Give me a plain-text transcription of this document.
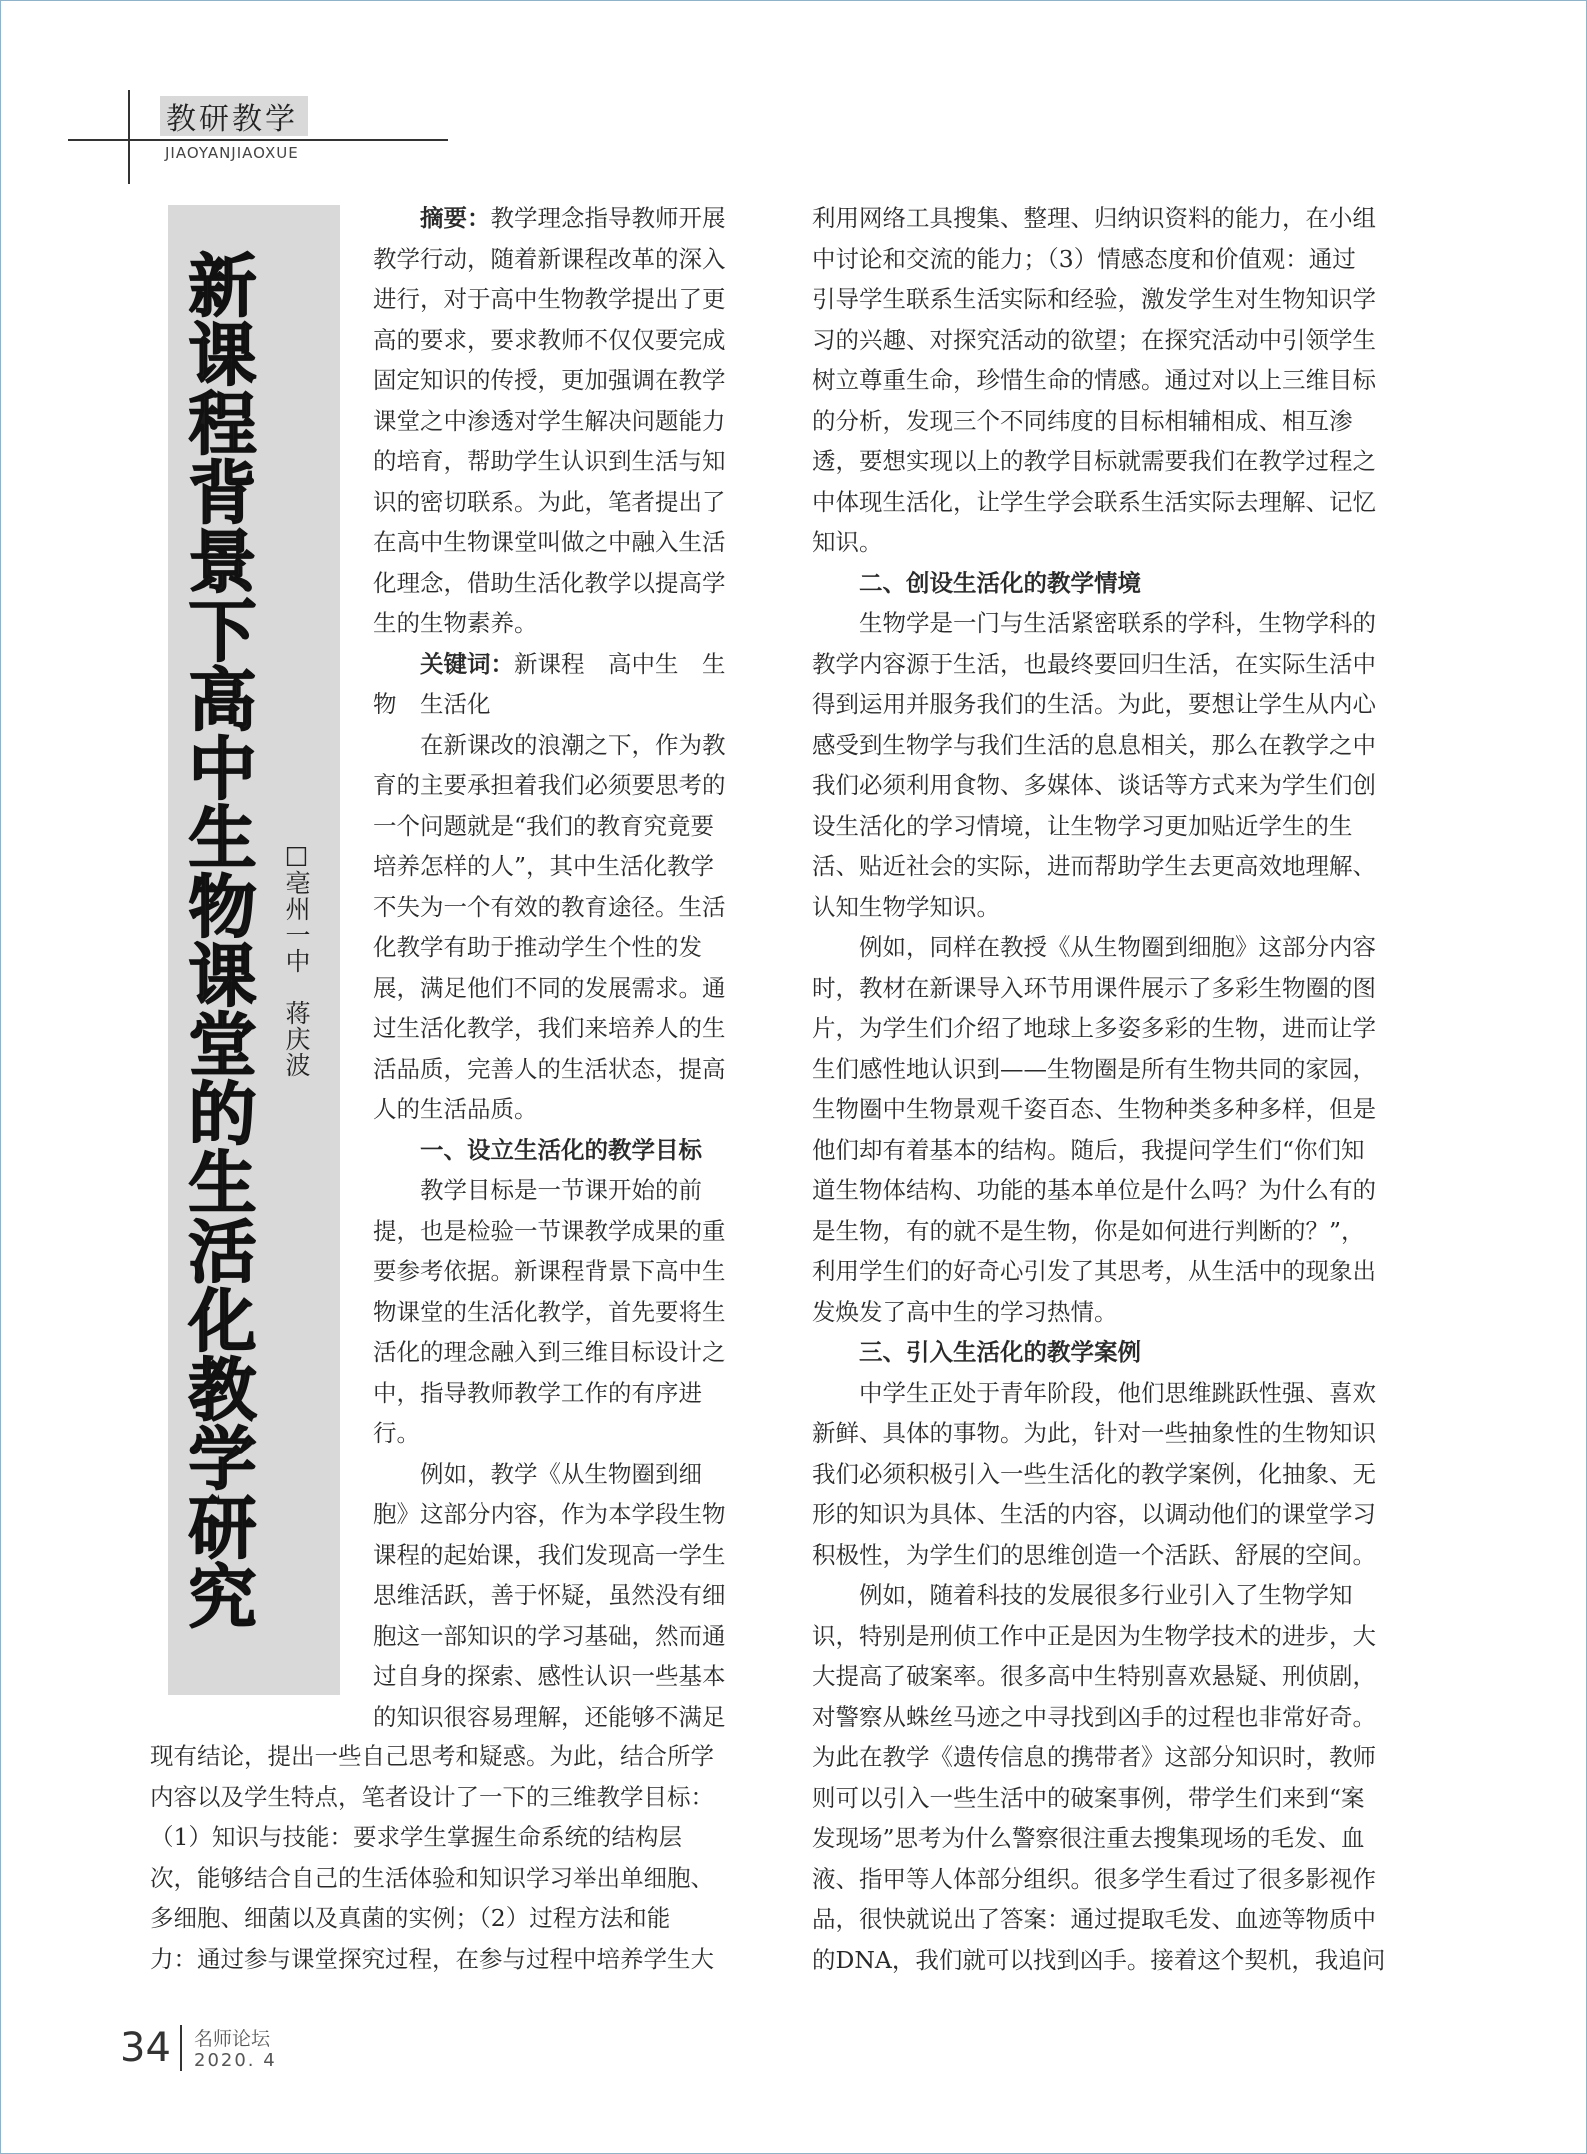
教研教学
JIAOYANJIAOXUE
新课程背景下高中生物课堂的生活化教学研究 □亳州一中　蒋庆波
摘要：教学理念指导教师开展
教学行动，随着新课程改革的深入
进行，对于高中生物教学提出了更
高的要求，要求教师不仅仅要完成
固定知识的传授，更加强调在教学
课堂之中渗透对学生解决问题能力
的培育，帮助学生认识到生活与知
识的密切联系。为此，笔者提出了
在高中生物课堂叫做之中融入生活
化理念，借助生活化教学以提高学
生的生物素养。
关键词：新课程　高中生　生
物　生活化
在新课改的浪潮之下，作为教
育的主要承担着我们必须要思考的
一个问题就是“我们的教育究竟要
培养怎样的人”，其中生活化教学
不失为一个有效的教育途径。生活
化教学有助于推动学生个性的发
展，满足他们不同的发展需求。通
过生活化教学，我们来培养人的生
活品质，完善人的生活状态，提高
人的生活品质。
一、设立生活化的教学目标
教学目标是一节课开始的前
提，也是检验一节课教学成果的重
要参考依据。新课程背景下高中生
物课堂的生活化教学，首先要将生
活化的理念融入到三维目标设计之
中，指导教师教学工作的有序进
行。
例如，教学《从生物圈到细
胞》这部分内容，作为本学段生物
课程的起始课，我们发现高一学生
思维活跃，善于怀疑，虽然没有细
胞这一部知识的学习基础，然而通
过自身的探索、感性认识一些基本
的知识很容易理解，还能够不满足
现有结论，提出一些自己思考和疑惑。为此，结合所学
内容以及学生特点，笔者设计了一下的三维教学目标：
（1）知识与技能：要求学生掌握生命系统的结构层
次，能够结合自己的生活体验和知识学习举出单细胞、
多细胞、细菌以及真菌的实例；（2）过程方法和能
力：通过参与课堂探究过程，在参与过程中培养学生大
利用网络工具搜集、整理、归纳识资料的能力，在小组
中讨论和交流的能力；（3）情感态度和价值观：通过
引导学生联系生活实际和经验，激发学生对生物知识学
习的兴趣、对探究活动的欲望；在探究活动中引领学生
树立尊重生命，珍惜生命的情感。通过对以上三维目标
的分析，发现三个不同纬度的目标相辅相成、相互渗
透，要想实现以上的教学目标就需要我们在教学过程之
中体现生活化，让学生学会联系生活实际去理解、记忆
知识。
二、创设生活化的教学情境
生物学是一门与生活紧密联系的学科，生物学科的
教学内容源于生活，也最终要回归生活，在实际生活中
得到运用并服务我们的生活。为此，要想让学生从内心
感受到生物学与我们生活的息息相关，那么在教学之中
我们必须利用食物、多媒体、谈话等方式来为学生们创
设生活化的学习情境，让生物学习更加贴近学生的生
活、贴近社会的实际，进而帮助学生去更高效地理解、
认知生物学知识。
例如，同样在教授《从生物圈到细胞》这部分内容
时，教材在新课导入环节用课件展示了多彩生物圈的图
片，为学生们介绍了地球上多姿多彩的生物，进而让学
生们感性地认识到——生物圈是所有生物共同的家园，
生物圈中生物景观千姿百态、生物种类多种多样，但是
他们却有着基本的结构。随后，我提问学生们“你们知
道生物体结构、功能的基本单位是什么吗？为什么有的
是生物，有的就不是生物，你是如何进行判断的？”，
利用学生们的好奇心引发了其思考，从生活中的现象出
发焕发了高中生的学习热情。
三、引入生活化的教学案例
中学生正处于青年阶段，他们思维跳跃性强、喜欢
新鲜、具体的事物。为此，针对一些抽象性的生物知识
我们必须积极引入一些生活化的教学案例，化抽象、无
形的知识为具体、生活的内容，以调动他们的课堂学习
积极性，为学生们的思维创造一个活跃、舒展的空间。
例如，随着科技的发展很多行业引入了生物学知
识，特别是刑侦工作中正是因为生物学技术的进步，大
大提高了破案率。很多高中生特别喜欢悬疑、刑侦剧，
对警察从蛛丝马迹之中寻找到凶手的过程也非常好奇。
为此在教学《遗传信息的携带者》这部分知识时，教师
则可以引入一些生活中的破案事例，带学生们来到“案
发现场”思考为什么警察很注重去搜集现场的毛发、血
液、指甲等人体部分组织。很多学生看过了很多影视作
品，很快就说出了答案：通过提取毛发、血迹等物质中
的DNA，我们就可以找到凶手。接着这个契机，我追问
34 名师论坛
2020. 4
